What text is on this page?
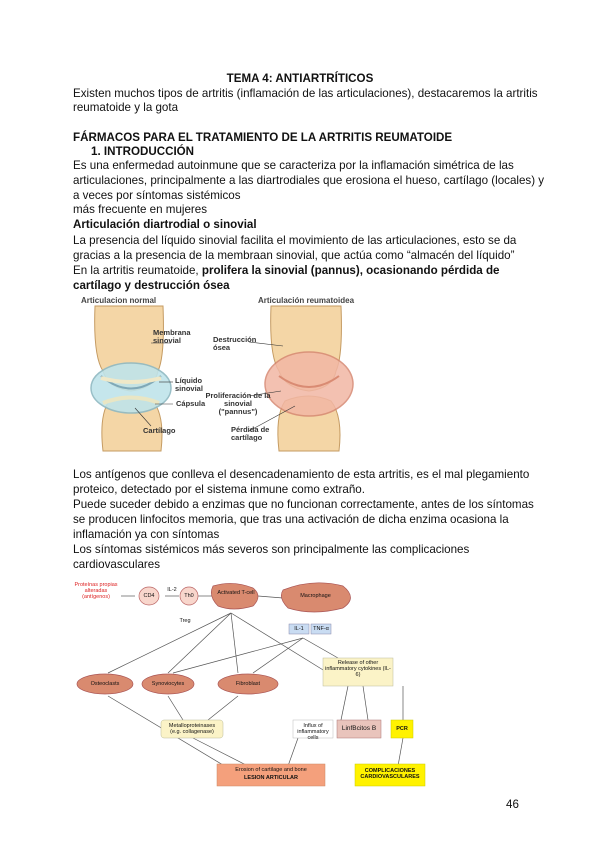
TEMA 4: ANTIARTRÍTICOS
Existen muchos tipos de artritis (inflamación de las articulaciones), destacaremos la artritis
reumatoide y la gota
FÁRMACOS PARA EL TRATAMIENTO DE LA ARTRITIS REUMATOIDE
1. INTRODUCCIÓN
Es una enfermedad autoinmune que se caracteriza por la inflamación simétrica de las
articulaciones, principalmente a las diartrodiales que erosiona el hueso, cartílago (locales) y
a veces por síntomas sistémicos
más frecuente en mujeres
Articulación diartrodial o sinovial
La presencia del líquido sinovial facilita el movimiento de las articulaciones, esto se da
gracias a la presencia de la membraan sinovial, que actúa como “almacén del líquido”
En la artritis reumatoide, prolifera la sinovial (pannus), ocasionando pérdida de
cartílago y destrucción ósea
Articulacion normal	Articulación reumatoidea
Membrana sinovial
Líquido sinovial
Cápsula
Cartílago
Destrucción ósea
Proliferación de la sinovial ("pannus")
Pérdida de cartílago
Los antígenos que conlleva el desencadenamiento de esta artritis, es el mal plegamiento
proteico, detectado por el sistema inmune como extraño.
Puede suceder debido a enzimas que no funcionan correctamente, antes de los síntomas
se producen linfocitos memoria, que tras una activación de dicha enzima ocasiona la
inflamación ya con síntomas
Los síntomas sistémicos más severos son principalmente las complicaciones
cardiovasculares
Proteínas propias alteradas (antígenos)	CD4
IL-2
Th0	Activated T-cell	Macrophage
IL-1	TNF-α
Treg
Osteoclasts	Synoviocytes	Fibroblast
Release of other inflammatory cytokines (IL-6)
Metalloproteinases (e.g. collagenase)
Influx of inflammatory cells
LinfBcitos B	PCR
Erosion of cartilage and bone
LESION ARTICULAR
COMPLICACIONES CARDIOVASCULARES
46
